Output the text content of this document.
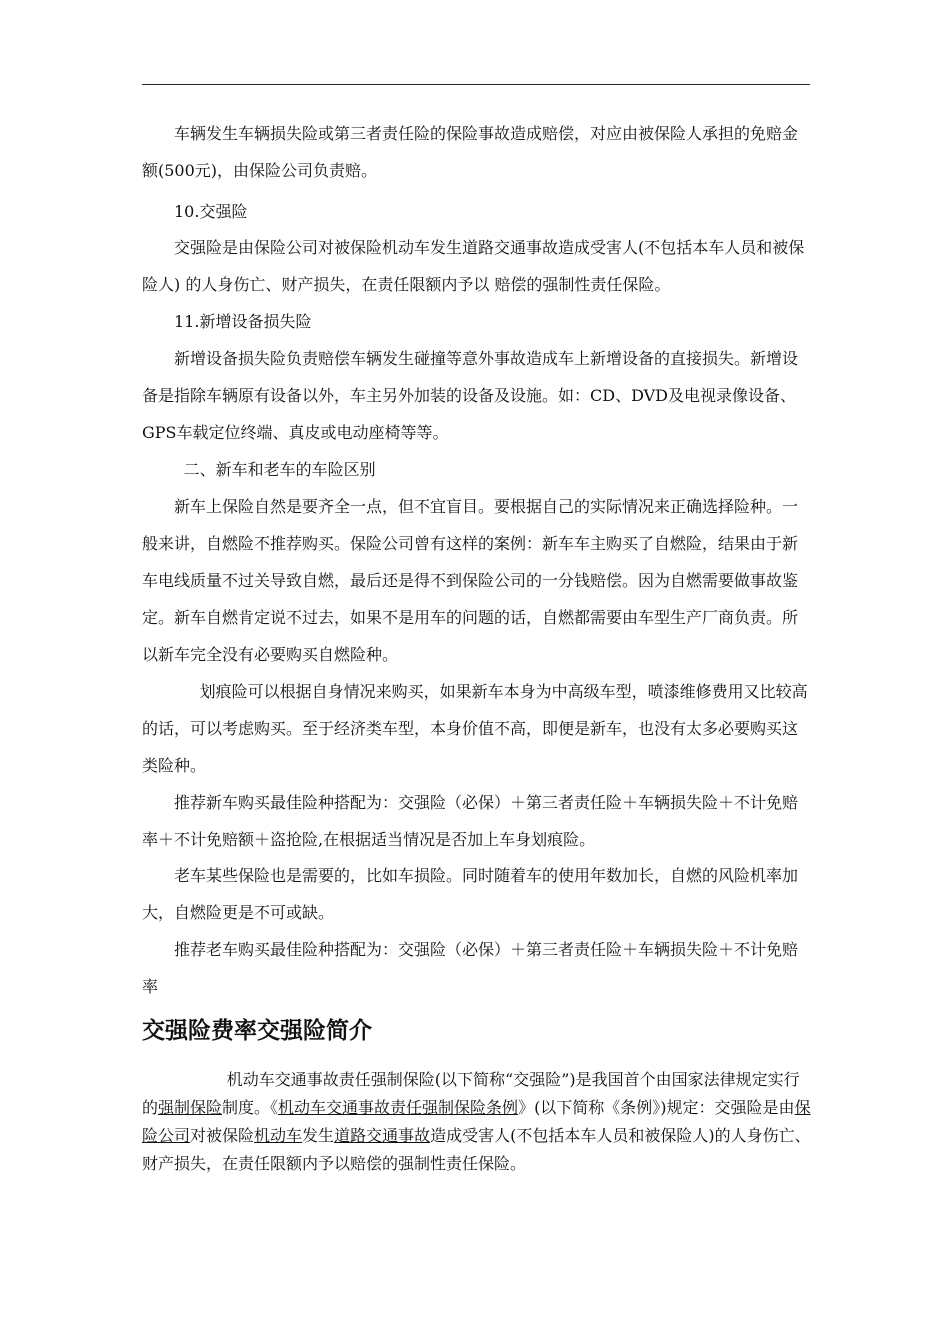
车辆发生车辆损失险或第三者责任险的保险事故造成赔偿，对应由被保险人承担的免赔金额(500元)，由保险公司负责赔。

10.交强险

交强险是由保险公司对被保险机动车发生道路交通事故造成受害人(不包括本车人员和被保险人) 的人身伤亡、财产损失，在责任限额内予以 赔偿的强制性责任保险。

11.新增设备损失险

新增设备损失险负责赔偿车辆发生碰撞等意外事故造成车上新增设备的直接损失。新增设备是指除车辆原有设备以外，车主另外加装的设备及设施。如：CD、DVD及电视录像设备、GPS车载定位终端、真皮或电动座椅等等。

二、新车和老车的车险区别

新车上保险自然是要齐全一点，但不宜盲目。要根据自己的实际情况来正确选择险种。一般来讲，自燃险不推荐购买。保险公司曾有这样的案例：新车车主购买了自燃险，结果由于新车电线质量不过关导致自燃，最后还是得不到保险公司的一分钱赔偿。因为自燃需要做事故鉴定。新车自燃肯定说不过去，如果不是用车的问题的话，自燃都需要由车型生产厂商负责。所以新车完全没有必要购买自燃险种。

划痕险可以根据自身情况来购买，如果新车本身为中高级车型，喷漆维修费用又比较高的话，可以考虑购买。至于经济类车型，本身价值不高，即便是新车，也没有太多必要购买这类险种。

推荐新车购买最佳险种搭配为：交强险（必保）＋第三者责任险＋车辆损失险＋不计免赔率＋不计免赔额＋盗抢险,在根据适当情况是否加上车身划痕险。

老车某些保险也是需要的，比如车损险。同时随着车的使用年数加长，自燃的风险机率加大，自燃险更是不可或缺。

推荐老车购买最佳险种搭配为：交强险（必保）＋第三者责任险＋车辆损失险＋不计免赔率

交强险费率交强险简介

机动车交通事故责任强制保险(以下简称“交强险”)是我国首个由国家法律规定实行的强制保险制度。《机动车交通事故责任强制保险条例》(以下简称《条例》)规定：交强险是由保险公司对被保险机动车发生道路交通事故造成受害人(不包括本车人员和被保险人)的人身伤亡、财产损失，在责任限额内予以赔偿的强制性责任保险。
